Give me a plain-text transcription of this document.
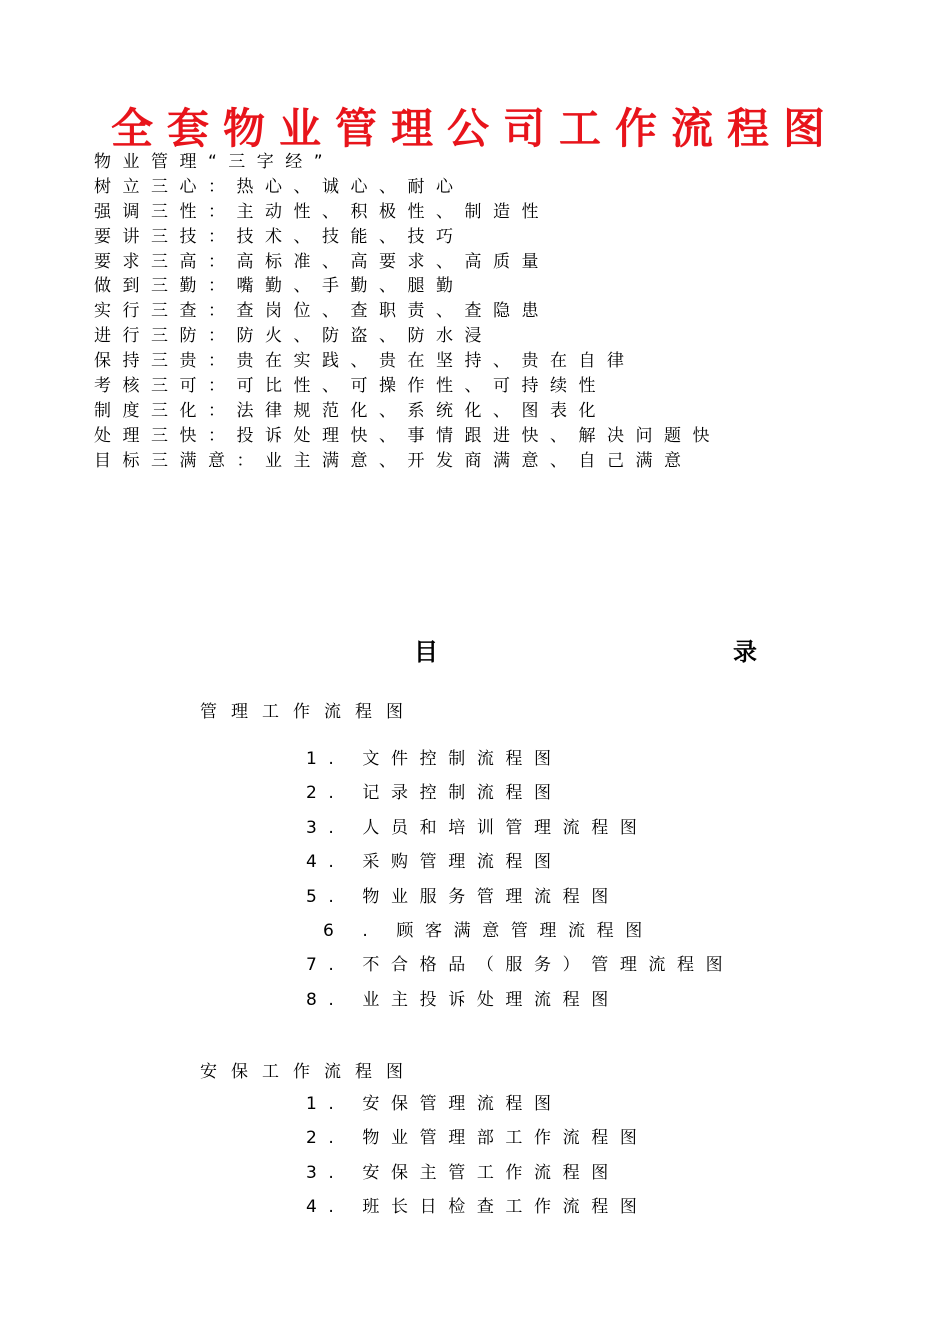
全套物业管理公司工作流程图
物业管理“三字经”
树立三心：热心、诚心、耐心
强调三性：主动性、积极性、制造性
要讲三技：技术、技能、技巧
要求三高：高标准、高要求、高质量
做到三勤：嘴勤、手勤、腿勤
实行三查：查岗位、查职责、查隐患
进行三防：防火、防盗、防水浸
保持三贵：贵在实践、贵在坚持、贵在自律
考核三可：可比性、可操作性、可持续性
制度三化：法律规范化、系统化、图表化
处理三快：投诉处理快、事情跟进快、解决问题快
目标三满意：业主满意、开发商满意、自己满意
目	录
管理工作流程图
1. 文件控制流程图
2. 记录控制流程图
3. 人员和培训管理流程图
4. 采购管理流程图
5. 物业服务管理流程图
6 . 顾客满意管理流程图
7. 不合格品（服务）管理流程图
8. 业主投诉处理流程图
安保工作流程图
1. 安保管理流程图
2. 物业管理部工作流程图
3. 安保主管工作流程图
4. 班长日检查工作流程图
